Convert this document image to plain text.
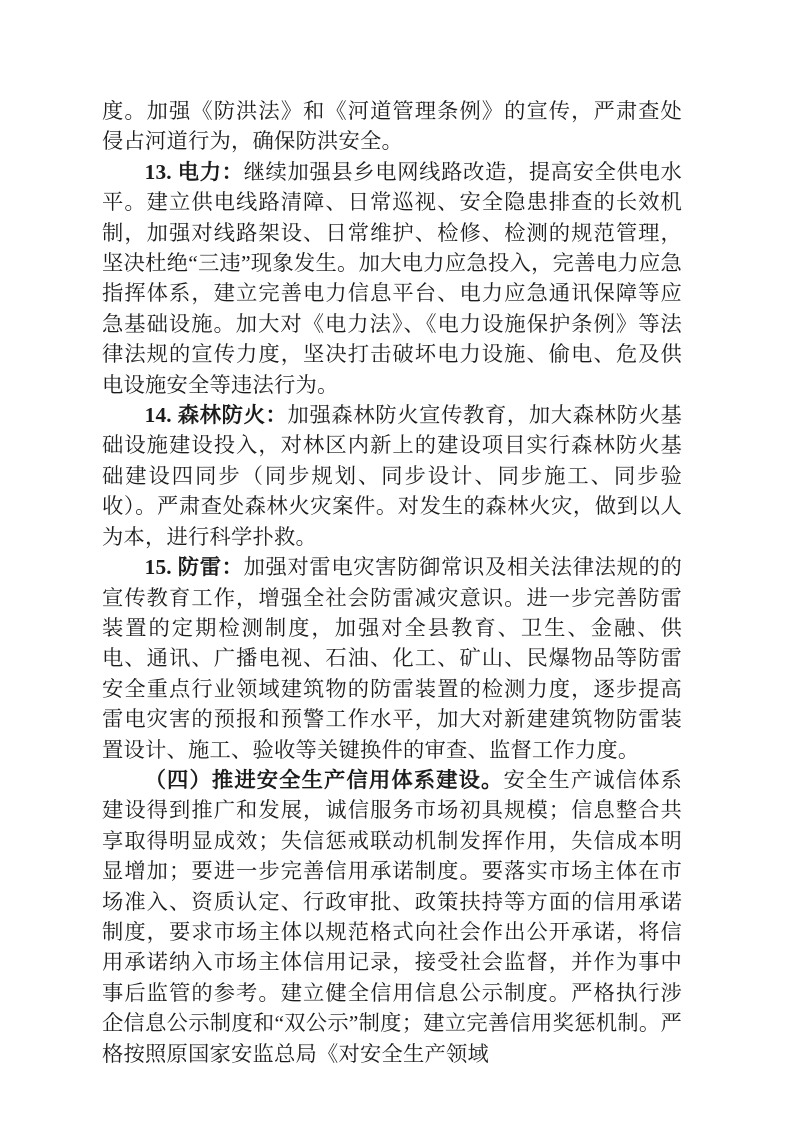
度。加强《防洪法》和《河道管理条例》的宣传，严肃查处侵占河道行为，确保防洪安全。

13. 电力：继续加强县乡电网线路改造，提高安全供电水平。建立供电线路清障、日常巡视、安全隐患排查的长效机制，加强对线路架设、日常维护、检修、检测的规范管理，坚决杜绝“三违”现象发生。加大电力应急投入，完善电力应急指挥体系，建立完善电力信息平台、电力应急通讯保障等应急基础设施。加大对《电力法》、《电力设施保护条例》等法律法规的宣传力度，坚决打击破坏电力设施、偷电、危及供电设施安全等违法行为。

14. 森林防火：加强森林防火宣传教育，加大森林防火基础设施建设投入，对林区内新上的建设项目实行森林防火基础建设四同步（同步规划、同步设计、同步施工、同步验收）。严肃查处森林火灾案件。对发生的森林火灾，做到以人为本，进行科学扑救。

15. 防雷：加强对雷电灾害防御常识及相关法律法规的的宣传教育工作，增强全社会防雷减灾意识。进一步完善防雷装置的定期检测制度，加强对全县教育、卫生、金融、供电、通讯、广播电视、石油、化工、矿山、民爆物品等防雷安全重点行业领域建筑物的防雷装置的检测力度，逐步提高雷电灾害的预报和预警工作水平，加大对新建建筑物防雷装置设计、施工、验收等关键换件的审查、监督工作力度。

（四）推进安全生产信用体系建设。安全生产诚信体系建设得到推广和发展，诚信服务市场初具规模；信息整合共享取得明显成效；失信惩戒联动机制发挥作用，失信成本明显增加；要进一步完善信用承诺制度。要落实市场主体在市场准入、资质认定、行政审批、政策扶持等方面的信用承诺制度，要求市场主体以规范格式向社会作出公开承诺，将信用承诺纳入市场主体信用记录，接受社会监督，并作为事中事后监管的参考。建立健全信用信息公示制度。严格执行涉企信息公示制度和“双公示”制度；建立完善信用奖惩机制。严格按照原国家安监总局《对安全生产领域
